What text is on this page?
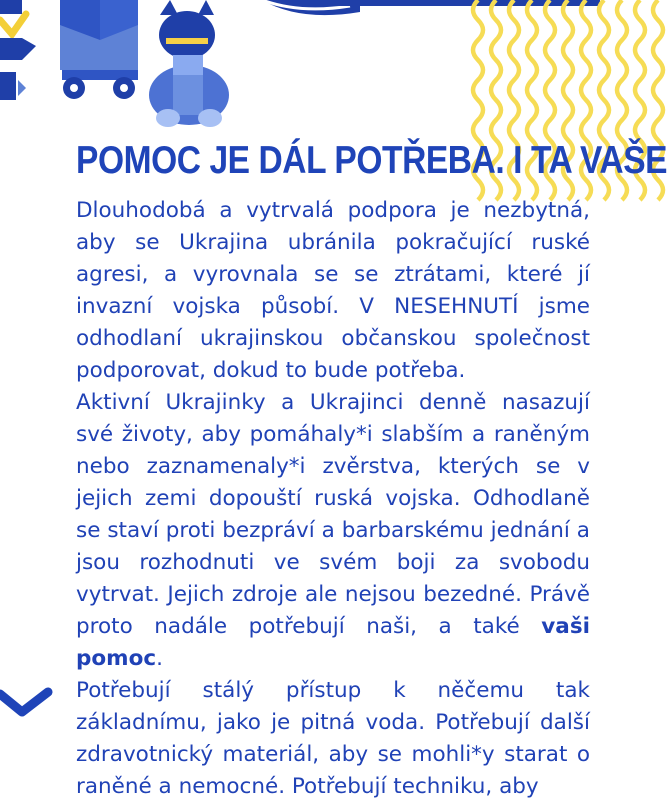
POMOC JE DÁL POTŘEBA. I TA VAŠE

Dlouhodobá a vytrvalá podpora je nezbytná, aby se Ukrajina ubránila pokračující ruské agresi, a vyrovnala se se ztrátami, které jí invazní vojska působí. V NESEHNUTÍ jsme odhodlaní ukrajinskou občanskou společnost podporovat, dokud to bude potřeba.

Aktivní Ukrajinky a Ukrajinci denně nasazují své životy, aby pomáhaly*i slabším a raněným nebo zaznamenaly*i zvěrstva, kterých se v jejich zemi dopouští ruská vojska. Odhodlaně se staví proti bezpráví a barbarskému jednání a jsou rozhodnuti ve svém boji za svobodu vytrvat. Jejich zdroje ale nejsou bezedné. Právě proto nadále potřebují naši, a také vaši pomoc.

Potřebují stálý přístup k něčemu tak základnímu, jako je pitná voda. Potřebují další zdravotnický materiál, aby se mohli*y starat o raněné a nemocné. Potřebují techniku, aby
